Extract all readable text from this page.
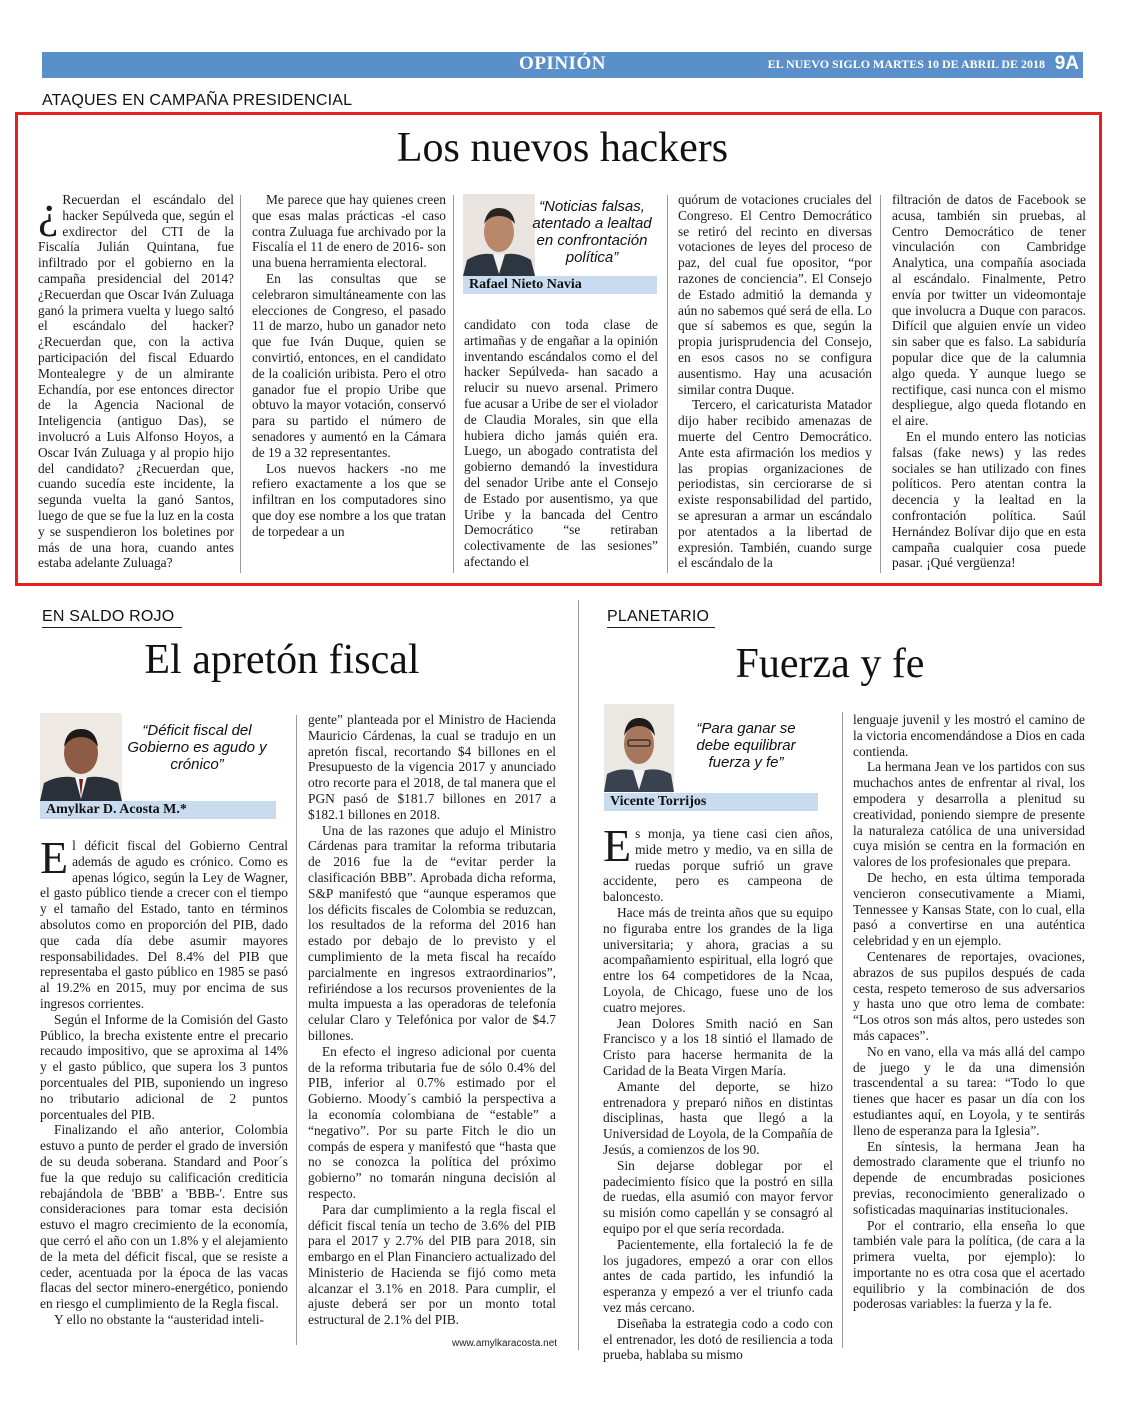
OPINIÓN	EL NUEVO SIGLO MARTES 10 DE ABRIL DE 2018 9A
ATAQUES EN CAMPAÑA PRESIDENCIAL
Los nuevos hackers

¿ Recuerdan el escándalo del hacker Sepúlveda que, según el exdirector del CTI de la Fiscalía Julián Quintana, fue infiltrado por el gobierno en la campaña presidencial del 2014? ¿Recuerdan que Oscar Iván Zuluaga ganó la primera vuelta y luego saltó el escándalo del hacker? ¿Recuerdan que, con la activa participación del fiscal Eduardo Montealegre y de un almirante Echandía, por ese entonces director de la Agencia Nacional de Inteligencia (antiguo Das), se involucró a Luis Alfonso Hoyos, a Oscar Iván Zuluaga y al propio hijo del candidato? ¿Recuerdan que, cuando sucedía este incidente, la segunda vuelta la ganó Santos, luego de que se fue la luz en la costa y se suspendieron los boletines por más de una hora, cuando antes estaba adelante Zuluaga?

Me parece que hay quienes creen que esas malas prácticas -el caso contra Zuluaga fue archivado por la Fiscalía el 11 de enero de 2016- son una buena herramienta electoral.

En las consultas que se celebraron simultáneamente con las elecciones de Congreso, el pasado 11 de marzo, hubo un ganador neto que fue Iván Duque, quien se convirtió, entonces, en el candidato de la coalición uribista. Pero el otro ganador fue el propio Uribe que obtuvo la mayor votación, conservó para su partido el número de senadores y aumentó en la Cámara de 19 a 32 representantes.

Los nuevos hackers -no me refiero exactamente a los que se infiltran en los computadores sino que doy ese nombre a los que tratan de torpedear a un

“Noticias falsas, atentado a lealtad en confrontación política”
Rafael Nieto Navia

candidato con toda clase de artimañas y de engañar a la opinión inventando escándalos como el del hacker Sepúlveda- han sacado a relucir su nuevo arsenal. Primero fue acusar a Uribe de ser el violador de Claudia Morales, sin que ella hubiera dicho jamás quién era. Luego, un abogado contratista del gobierno demandó la investidura del senador Uribe ante el Consejo de Estado por ausentismo, ya que Uribe y la bancada del Centro Democrático “se retiraban colectivamente de las sesiones” afectando el

quórum de votaciones cruciales del Congreso. El Centro Democrático se retiró del recinto en diversas votaciones de leyes del proceso de paz, del cual fue opositor, “por razones de conciencia”. El Consejo de Estado admitió la demanda y aún no sabemos qué será de ella. Lo que sí sabemos es que, según la propia jurisprudencia del Consejo, en esos casos no se configura ausentismo. Hay una acusación similar contra Duque.

Tercero, el caricaturista Matador dijo haber recibido amenazas de muerte del Centro Democrático. Ante esta afirmación los medios y las propias organizaciones de periodistas, sin cerciorarse de si existe responsabilidad del partido, se apresuran a armar un escándalo por atentados a la libertad de expresión. También, cuando surge el escándalo de la

filtración de datos de Facebook se acusa, también sin pruebas, al Centro Democrático de tener vinculación con Cambridge Analytica, una compañía asociada al escándalo. Finalmente, Petro envía por twitter un videomontaje que involucra a Duque con paracos. Difícil que alguien envíe un video sin saber que es falso. La sabiduría popular dice que de la calumnia algo queda. Y aunque luego se rectifique, casi nunca con el mismo despliegue, algo queda flotando en el aire.

En el mundo entero las noticias falsas (fake news) y las redes sociales se han utilizado con fines políticos. Pero atentan contra la decencia y la lealtad en la confrontación política. Saúl Hernández Bolívar dijo que en esta campaña cualquier cosa puede pasar. ¡Qué vergüenza!

EN SALDO ROJO
El apretón fiscal
“Déficit fiscal del Gobierno es agudo y crónico”
Amylkar D. Acosta M.*

El déficit fiscal del Gobierno Central además de agudo es crónico. Como es apenas lógico, según la Ley de Wagner, el gasto público tiende a crecer con el tiempo y el tamaño del Estado, tanto en términos absolutos como en proporción del PIB, dado que cada día debe asumir mayores responsabilidades. Del 8.4% del PIB que representaba el gasto público en 1985 se pasó al 19.2% en 2015, muy por encima de sus ingresos corrientes.

Según el Informe de la Comisión del Gasto Público, la brecha existente entre el precario recaudo impositivo, que se aproxima al 14% y el gasto público, que supera los 3 puntos porcentuales del PIB, suponiendo un ingreso no tributario adicional de 2 puntos porcentuales del PIB.

Finalizando el año anterior, Colombia estuvo a punto de perder el grado de inversión de su deuda soberana. Standard and Poor´s fue la que redujo su calificación crediticia rebajándola de 'BBB' a 'BBB-'. Entre sus consideraciones para tomar esta decisión estuvo el magro crecimiento de la economía, que cerró el año con un 1.8% y el alejamiento de la meta del déficit fiscal, que se resiste a ceder, acentuada por la época de las vacas flacas del sector minero-energético, poniendo en riesgo el cumplimiento de la Regla fiscal.

Y ello no obstante la “austeridad inteli-

gente” planteada por el Ministro de Hacienda Mauricio Cárdenas, la cual se tradujo en un apretón fiscal, recortando $4 billones en el Presupuesto de la vigencia 2017 y anunciado otro recorte para el 2018, de tal manera que el PGN pasó de $181.7 billones en 2017 a $182.1 billones en 2018.

Una de las razones que adujo el Ministro Cárdenas para tramitar la reforma tributaria de 2016 fue la de “evitar perder la clasificación BBB”. Aprobada dicha reforma, S&P manifestó que “aunque esperamos que los déficits fiscales de Colombia se reduzcan, los resultados de la reforma del 2016 han estado por debajo de lo previsto y el cumplimiento de la meta fiscal ha recaído parcialmente en ingresos extraordinarios”, refiriéndose a los recursos provenientes de la multa impuesta a las operadoras de telefonía celular Claro y Telefónica por valor de $4.7 billones.

En efecto el ingreso adicional por cuenta de la reforma tributaria fue de sólo 0.4% del PIB, inferior al 0.7% estimado por el Gobierno. Moody´s cambió la perspectiva a la economía colombiana de “estable” a “negativo”. Por su parte Fitch le dio un compás de espera y manifestó que “hasta que no se conozca la política del próximo gobierno” no tomarán ninguna decisión al respecto.

Para dar cumplimiento a la regla fiscal el déficit fiscal tenía un techo de 3.6% del PIB para el 2017 y 2.7% del PIB para 2018, sin embargo en el Plan Financiero actualizado del Ministerio de Hacienda se fijó como meta alcanzar el 3.1% en 2018. Para cumplir, el ajuste deberá ser por un monto total estructural de 2.1% del PIB.

www.amylkaracosta.net
PLANETARIO
Fuerza y fe
“Para ganar se debe equilibrar fuerza y fe”
Vicente Torrijos

Es monja, ya tiene casi cien años, mide metro y medio, va en silla de ruedas porque sufrió un grave accidente, pero es campeona de baloncesto.

Hace más de treinta años que su equipo no figuraba entre los grandes de la liga universitaria; y ahora, gracias a su acompañamiento espiritual, ella logró que entre los 64 competidores de la Ncaa, Loyola, de Chicago, fuese uno de los cuatro mejores.

Jean Dolores Smith nació en San Francisco y a los 18 sintió el llamado de Cristo para hacerse hermanita de la Caridad de la Beata Virgen María.

Amante del deporte, se hizo entrenadora y preparó niños en distintas disciplinas, hasta que llegó a la Universidad de Loyola, de la Compañía de Jesús, a comienzos de los 90.

Sin dejarse doblegar por el padecimiento físico que la postró en silla de ruedas, ella asumió con mayor fervor su misión como capellán y se consagró al equipo por el que sería recordada.

Pacientemente, ella fortaleció la fe de los jugadores, empezó a orar con ellos antes de cada partido, les infundió la esperanza y empezó a ver el triunfo cada vez más cercano.

Diseñaba la estrategia codo a codo con el entrenador, les dotó de resiliencia a toda prueba, hablaba su mismo

lenguaje juvenil y les mostró el camino de la victoria encomendándose a Dios en cada contienda.

La hermana Jean ve los partidos con sus muchachos antes de enfrentar al rival, los empodera y desarrolla a plenitud su creatividad, poniendo siempre de presente la naturaleza católica de una universidad cuya misión se centra en la formación en valores de los profesionales que prepara.

De hecho, en esta última temporada vencieron consecutivamente a Miami, Tennessee y Kansas State, con lo cual, ella pasó a convertirse en una auténtica celebridad y en un ejemplo.

Centenares de reportajes, ovaciones, abrazos de sus pupilos después de cada cesta, respeto temeroso de sus adversarios y hasta uno que otro lema de combate: “Los otros son más altos, pero ustedes son más capaces”.

No en vano, ella va más allá del campo de juego y le da una dimensión trascendental a su tarea: “Todo lo que tienes que hacer es pasar un día con los estudiantes aquí, en Loyola, y te sentirás lleno de esperanza para la Iglesia”.

En síntesis, la hermana Jean ha demostrado claramente que el triunfo no depende de encumbradas posiciones previas, reconocimiento generalizado o sofisticadas maquinarias institucionales.

Por el contrario, ella enseña lo que también vale para la política, (de cara a la primera vuelta, por ejemplo): lo importante no es otra cosa que el acertado equilibrio y la combinación de dos poderosas variables: la fuerza y la fe.
